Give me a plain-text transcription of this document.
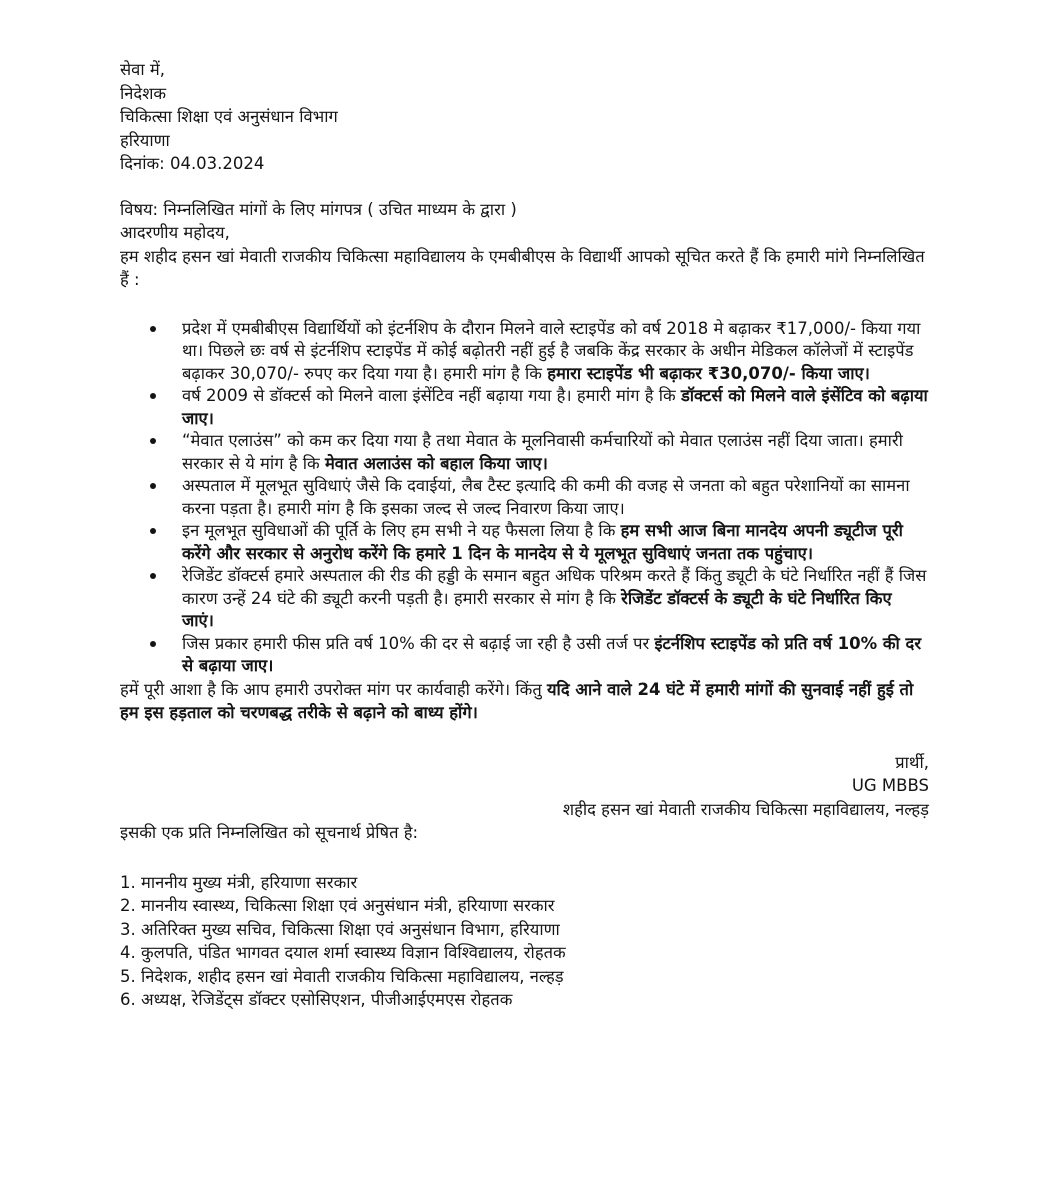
सेवा में,
निदेशक
चिकित्सा शिक्षा एवं अनुसंधान विभाग
हरियाणा
दिनांक: 04.03.2024
विषय: निम्नलिखित मांगों के लिए मांगपत्र ( उचित माध्यम के द्वारा )
आदरणीय महोदय,
हम शहीद हसन खां मेवाती राजकीय चिकित्सा महाविद्यालय के एमबीबीएस के विद्यार्थी आपको सूचित करते हैं कि हमारी मांगे निम्नलिखित हैं :
प्रदेश में एमबीबीएस विद्यार्थियों को इंटर्नशिप के दौरान मिलने वाले स्टाइपेंड को वर्ष 2018 मे बढ़ाकर ₹17,000/- किया गया था। पिछले छः वर्ष से इंटर्नशिप स्टाइपेंड में कोई बढ़ोतरी नहीं हुई है जबकि केंद्र सरकार के अधीन मेडिकल कॉलेजों में स्टाइपेंड बढ़ाकर 30,070/- रुपए कर दिया गया है। हमारी मांग है कि हमारा स्टाइपेंड भी बढ़ाकर ₹30,070/- किया जाए।
वर्ष 2009 से डॉक्टर्स को मिलने वाला इंसेंटिव नहीं बढ़ाया गया है। हमारी मांग है कि डॉक्टर्स को मिलने वाले इंसेंटिव को बढ़ाया जाए।
“मेवात एलाउंस” को कम कर दिया गया है तथा मेवात के मूलनिवासी कर्मचारियों को मेवात एलाउंस नहीं दिया जाता। हमारी सरकार से ये मांग है कि मेवात अलाउंस को बहाल किया जाए।
अस्पताल में मूलभूत सुविधाएं जैसे कि दवाईयां, लैब टैस्ट इत्यादि की कमी की वजह से जनता को बहुत परेशानियों का सामना करना पड़ता है। हमारी मांग है कि इसका जल्द से जल्द निवारण किया जाए।
इन मूलभूत सुविधाओं की पूर्ति के लिए हम सभी ने यह फैसला लिया है कि हम सभी आज बिना मानदेय अपनी ड्यूटीज पूरी करेंगे और सरकार से अनुरोध करेंगे कि हमारे 1 दिन के मानदेय से ये मूलभूत सुविधाएं जनता तक पहुंचाए।
रेजिडेंट डॉक्टर्स हमारे अस्पताल की रीड की हड्डी के समान बहुत अधिक परिश्रम करते हैं किंतु ड्यूटी के घंटे निर्धारित नहीं हैं जिस कारण उन्हें 24 घंटे की ड्यूटी करनी पड़ती है। हमारी सरकार से मांग है कि रेजिडेंट डॉक्टर्स के ड्यूटी के घंटे निर्धारित किए जाएं।
जिस प्रकार हमारी फीस प्रति वर्ष 10% की दर से बढ़ाई जा रही है उसी तर्ज पर इंटर्नशिप स्टाइपेंड को प्रति वर्ष 10% की दर से बढ़ाया जाए।
हमें पूरी आशा है कि आप हमारी उपरोक्त मांग पर कार्यवाही करेंगे। किंतु यदि आने वाले 24 घंटे में हमारी मांगों की सुनवाई नहीं हुई तो हम इस हड़ताल को चरणबद्ध तरीके से बढ़ाने को बाध्य होंगे।
प्रार्थी,
UG MBBS
शहीद हसन खां मेवाती राजकीय चिकित्सा महाविद्यालय, नल्हड़
इसकी एक प्रति निम्नलिखित को सूचनार्थ प्रेषित है:
1. माननीय मुख्य मंत्री, हरियाणा सरकार
2. माननीय स्वास्थ्य, चिकित्सा शिक्षा एवं अनुसंधान मंत्री, हरियाणा सरकार
3. अतिरिक्त मुख्य सचिव, चिकित्सा शिक्षा एवं अनुसंधान विभाग, हरियाणा
4. कुलपति, पंडित भागवत दयाल शर्मा स्वास्थ्य विज्ञान विश्विद्यालय, रोहतक
5. निदेशक, शहीद हसन खां मेवाती राजकीय चिकित्सा महाविद्यालय, नल्हड़
6. अध्यक्ष, रेजिडेंट्स डॉक्टर एसोसिएशन, पीजीआईएमएस रोहतक
